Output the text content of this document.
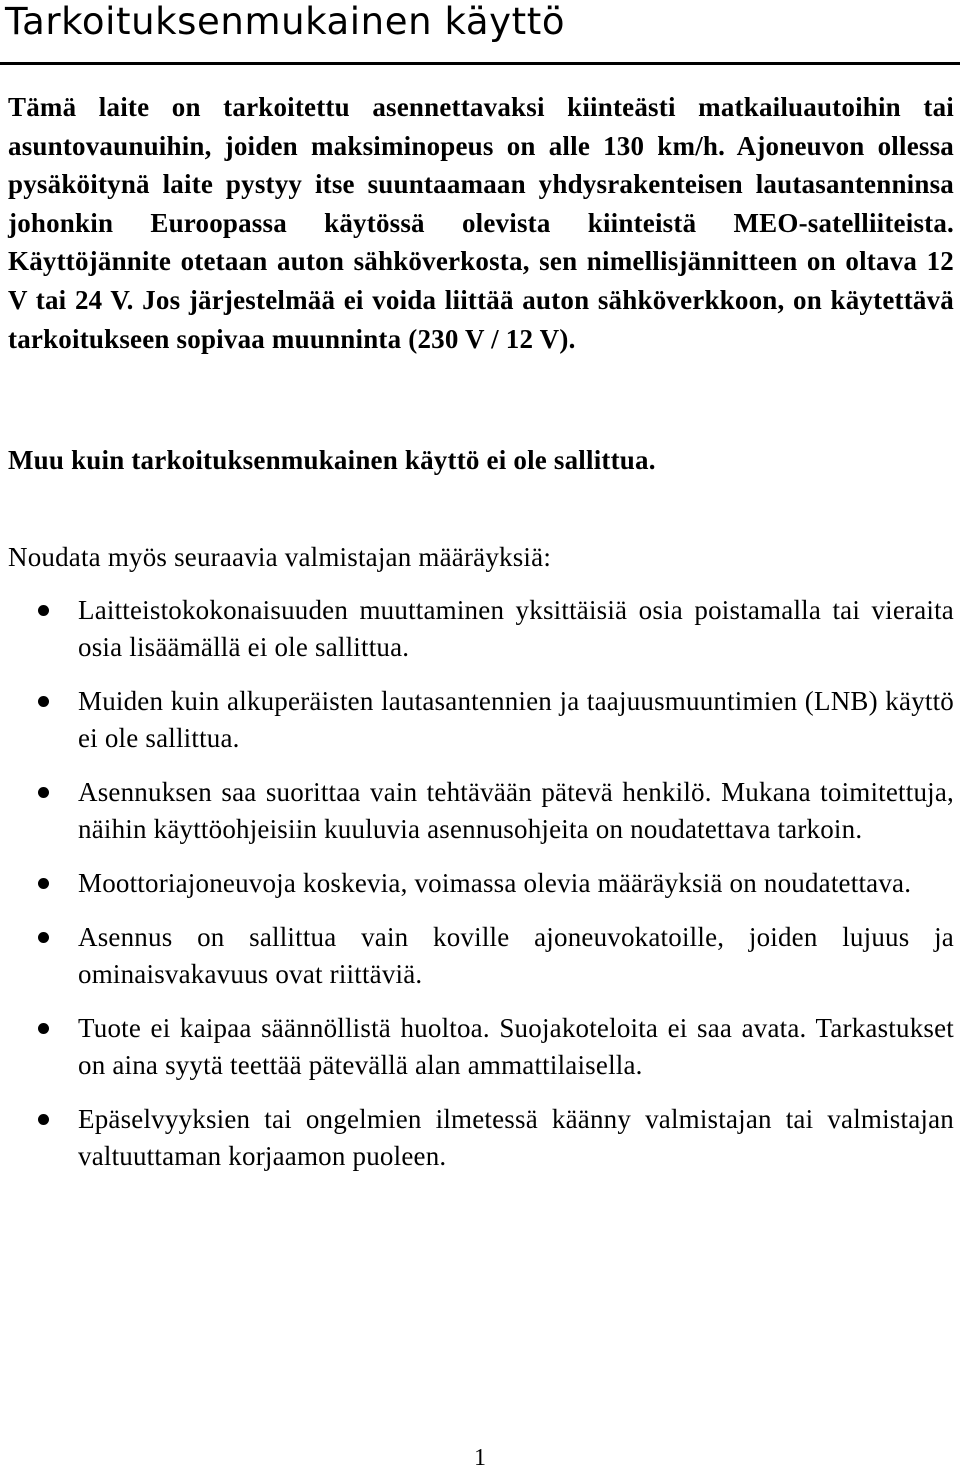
Tarkoituksenmukainen käyttö

Tämä laite on tarkoitettu asennettavaksi kiinteästi matkailuautoihin tai asuntovaunuihin, joiden maksiminopeus on alle 130 km/h. Ajoneuvon ollessa pysäköitynä laite pystyy itse suuntaamaan yhdysrakenteisen lautasantenninsa johonkin Euroopassa käytössä olevista kiinteistä MEO-satelliiteista. Käyttöjännite otetaan auton sähköverkosta, sen nimellisjännitteen on oltava 12 V tai 24 V. Jos järjestelmää ei voida liittää auton sähköverkkoon, on käytettävä tarkoitukseen sopivaa muunninta (230 V / 12 V).

Muu kuin tarkoituksenmukainen käyttö ei ole sallittua.

Noudata myös seuraavia valmistajan määräyksiä:

Laitteistokokonaisuuden muuttaminen yksittäisiä osia poistamalla tai vieraita osia lisäämällä ei ole sallittua.
Muiden kuin alkuperäisten lautasantennien ja taajuusmuuntimien (LNB) käyttö ei ole sallittua.
Asennuksen saa suorittaa vain tehtävään pätevä henkilö. Mukana toimitettuja, näihin käyttöohjeisiin kuuluvia asennusohjeita on noudatettava tarkoin.
Moottoriajoneuvoja koskevia, voimassa olevia määräyksiä on noudatettava.
Asennus on sallittua vain koville ajoneuvokatoille, joiden lujuus ja ominaisvakavuus ovat riittäviä.
Tuote ei kaipaa säännöllistä huoltoa. Suojakoteloita ei saa avata. Tarkastukset on aina syytä teettää pätevällä alan ammattilaisella.
Epäselvyyksien tai ongelmien ilmetessä käänny valmistajan tai valmistajan valtuuttaman korjaamon puoleen.
1
